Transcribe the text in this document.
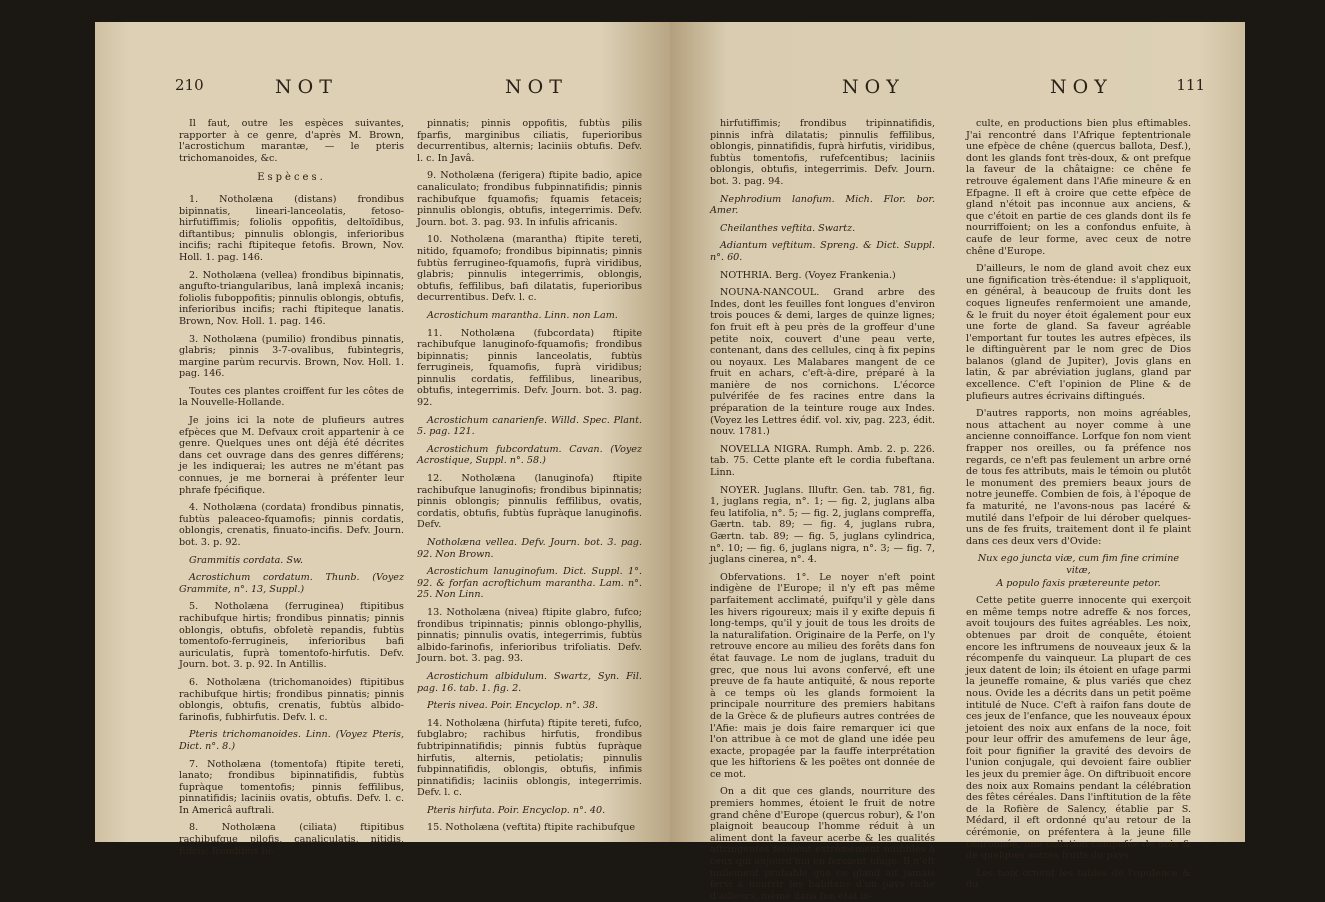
210	NOT	NOT

Il faut, outre les espèces suivantes, rapporter à ce genre, d'après M. Brown, l'acrostichum marantæ, — le pteris trichomanoides, &c.

Espèces.

1. Notholæna (distans) frondibus bipinnatis, lineari-lanceolatis, fetoso-hirfutiffimis; foliolis oppofitis, deltoïdibus, diftantibus; pinnulis oblongis, inferioribus incifis; rachi ftipiteque fetofis. Brown, Nov. Holl. 1. pag. 146.

2. Notholæna (vellea) frondibus bipinnatis, angufto-triangularibus, lanâ implexâ incanis; foliolis fuboppofitis; pinnulis oblongis, obtufis, inferioribus incifis; rachi ftipiteque lanatis. Brown, Nov. Holl. 1. pag. 146.

3. Notholæna (pumilio) frondibus pinnatis, glabris; pinnis 3-7-ovalibus, fubintegris, margine parùm recurvis. Brown, Nov. Holl. 1. pag. 146.

Toutes ces plantes croiffent fur les côtes de la Nouvelle-Hollande.

Je joins ici la note de plufieurs autres efpèces que M. Defvaux croit appartenir à ce genre. Quelques unes ont déjà été décrites dans cet ouvrage dans des genres différens; je les indiquerai; les autres ne m'étant pas connues, je me bornerai à préfenter leur phrafe fpécifique.

4. Notholæna (cordata) frondibus pinnatis, fubtùs paleaceo-fquamofis; pinnis cordatis, oblongis, crenatis, finuato-incifis. Defv. Journ. bot. 3. p. 92.

Grammitis cordata. Sw.

Acrostichum cordatum. Thunb. (Voyez Grammite, n°. 13, Suppl.)

5. Notholæna (ferruginea) ftipitibus rachibufque hirtis; frondibus pinnatis; pinnis oblongis, obtufis, obfoletè repandis, fubtùs tomentofo-ferrugineis, inferioribus bafi auriculatis, fuprà tomentofo-hirfutis. Defv. Journ. bot. 3. p. 92. In Antillis.

6. Notholæna (trichomanoides) ftipitibus rachibufque hirtis; frondibus pinnatis; pinnis oblongis, obtufis, crenatis, fubtùs albido-farinofis, fubhirfutis. Defv. l. c.

Pteris trichomanoides. Linn. (Voyez Pteris, Dict. n°. 8.)

7. Notholæna (tomentofa) ftipite tereti, lanato; frondibus bipinnatifidis, fubtùs fupràque tomentofis; pinnis feffilibus, pinnatifidis; laciniis ovatis, obtufis. Defv. l. c. In Americâ auftrali.

8. Notholæna (ciliata) ftipitibus rachibufque pilofis, canaliculatis, nitidis, fufcis; frondibus bi-

pinnatis; pinnis oppofitis, fubtùs pilis fparfis, marginibus ciliatis, fuperioribus decurrentibus, alternis; laciniis obtufis. Defv. l. c. In Javâ.

9. Notholæna (ferigera) ftipite badio, apice canaliculato; frondibus fubpinnatifidis; pinnis rachibufque fquamofis; fquamis fetaceis; pinnulis oblongis, obtufis, integerrimis. Defv. Journ. bot. 3. pag. 93. In infulis africanis.

10. Notholæna (marantha) ftipite tereti, nitido, fquamofo; frondibus bipinnatis; pinnis fubtùs ferrugineo-fquamofis, fuprà viridibus, glabris; pinnulis integerrimis, oblongis, obtufis, feffilibus, bafi dilatatis, fuperioribus decurrentibus. Defv. l. c.

Acrostichum marantha. Linn. non Lam.

11. Notholæna (fubcordata) ftipite rachibufque lanuginofo-fquamofis; frondibus bipinnatis; pinnis lanceolatis, fubtùs ferrugineis, fquamofis, fuprà viridibus; pinnulis cordatis, feffilibus, linearibus, obtufis, integerrimis. Defv. Journ. bot. 3. pag. 92.

Acrostichum canarienfe. Willd. Spec. Plant. 5. pag. 121.

Acrostichum fubcordatum. Cavan. (Voyez Acrostique, Suppl. n°. 58.)

12. Notholæna (lanuginofa) ftipite rachibufque lanuginofis; frondibus bipinnatis; pinnis oblongis; pinnulis feffilibus, ovatis, cordatis, obtufis, fubtùs fupràque lanuginofis. Defv.

Notholæna vellea. Defv. Journ. bot. 3. pag. 92. Non Brown.

Acrostichum lanuginofum. Dict. Suppl. 1°. 92. & forfan acroftichum marantha. Lam. n°. 25. Non Linn.

13. Notholæna (nivea) ftipite glabro, fufco; frondibus tripinnatis; pinnis oblongo-phyllis, pinnatis; pinnulis ovatis, integerrimis, fubtùs albido-farinofis, inferioribus trifoliatis. Defv. Journ. bot. 3. pag. 93.

Acrostichum albidulum. Swartz, Syn. Fil. pag. 16. tab. 1. fig. 2.

Pteris nivea. Poir. Encyclop. n°. 38.

14. Notholæna (hirfuta) ftipite tereti, fufco, fubglabro; rachibus hirfutis, frondibus fubtripinnatifidis; pinnis fubtùs fupràque hirfutis, alternis, petiolatis; pinnulis fubpinnatifidis, oblongis, obtufis, infimis pinnatifidis; laciniis oblongis, integerrimis. Defv. l. c.

Pteris hirfuta. Poir. Encyclop. n°. 40.

15. Notholæna (veftita) ftipite rachibufque

NOY	NOY	111

hirfutiffimis; frondibus tripinnatifidis, pinnis infrà dilatatis; pinnulis feffilibus, oblongis, pinnatifidis, fuprà hirfutis, viridibus, fubtùs tomentofis, rufefcentibus; laciniis oblongis, obtufis, integerrimis. Defv. Journ. bot. 3. pag. 94.

Nephrodium lanofum. Mich. Flor. bor. Amer.

Cheilanthes veftita. Swartz.

Adiantum veftitum. Spreng. & Dict. Suppl. n°. 60.

NOTHRIA. Berg. (Voyez Frankenia.)

NOUNA-NANCOUL. Grand arbre des Indes, dont les feuilles font longues d'environ trois pouces & demi, larges de quinze lignes; fon fruit eft à peu près de la groffeur d'une petite noix, couvert d'une peau verte, contenant, dans des cellules, cinq à fix pepins ou noyaux. Les Malabares mangent de ce fruit en achars, c'eft-à-dire, préparé à la manière de nos cornichons. L'écorce pulvérifée de fes racines entre dans la préparation de la teinture rouge aux Indes. (Voyez les Lettres édif. vol. xiv, pag. 223, édit. nouv. 1781.)

NOVELLA NIGRA. Rumph. Amb. 2. p. 226. tab. 75. Cette plante eft le cordia fubeftana. Linn.

NOYER. Juglans. Illuftr. Gen. tab. 781, fig. 1, juglans regia, n°. 1; — fig. 2, juglans alba feu latifolia, n°. 5; — fig. 2, juglans compreffa, Gærtn. tab. 89; — fig. 4, juglans rubra, Gærtn. tab. 89; — fig. 5, juglans cylindrica, n°. 10; — fig. 6, juglans nigra, n°. 3; — fig. 7, juglans cinerea, n°. 4.

Obfervations. 1°. Le noyer n'eft point indigène de l'Europe; il n'y eft pas même parfaitement acclimaté, puifqu'il y gèle dans les hivers rigoureux; mais il y exifte depuis fi long-temps, qu'il y jouit de tous les droits de la naturalifation. Originaire de la Perfe, on l'y retrouve encore au milieu des forêts dans fon état fauvage. Le nom de juglans, traduit du grec, que nous lui avons confervé, eft une preuve de fa haute antiquité, & nous reporte à ce temps où les glands formoient la principale nourriture des premiers habitans de la Grèce & de plufieurs autres contrées de l'Afie: mais je dois faire remarquer ici que l'on attribue à ce mot de gland une idée peu exacte, propagée par la fauffe interprétation que les hiftoriens & les poëtes ont donnée de ce mot.

On a dit que ces glands, nourriture des premiers hommes, étoient le fruit de notre grand chêne d'Europe (quercus robur), & l'on plaignoit beaucoup l'homme réduit à un aliment dont la faveur acerbe & les qualités aftringentes feroient extrêmement nuifibles à ceux qui aujourd'hui en feroient ufage. Il n'eft nullement probable que ce gland ait jamais fervi à nourrir les habitans d'un pays riche d'ailleurs, même dans fon état in-

culte, en productions bien plus eftimables. J'ai rencontré dans l'Afrique feptentrionale une efpèce de chêne (quercus ballota, Desf.), dont les glands font très-doux, & ont prefque la faveur de la châtaigne: ce chêne fe retrouve également dans l'Afie mineure & en Efpagne. Il eft à croire que cette efpèce de gland n'étoit pas inconnue aux anciens, & que c'étoit en partie de ces glands dont ils fe nourriffoient; on les a confondus enfuite, à caufe de leur forme, avec ceux de notre chêne d'Europe.

D'ailleurs, le nom de gland avoit chez eux une fignification très-étendue: il s'appliquoit, en général, à beaucoup de fruits dont les coques ligneufes renfermoient une amande, & le fruit du noyer étoit également pour eux une forte de gland. Sa faveur agréable l'emportant fur toutes les autres efpèces, ils le diftinguèrent par le nom grec de Dios balanos (gland de Jupiter), Jovis glans en latin, & par abréviation juglans, gland par excellence. C'eft l'opinion de Pline & de plufieurs autres écrivains diftingués.

D'autres rapports, non moins agréables, nous attachent au noyer comme à une ancienne connoiffance. Lorfque fon nom vient frapper nos oreilles, ou fa préfence nos regards, ce n'eft pas feulement un arbre orné de tous fes attributs, mais le témoin ou plutôt le monument des premiers beaux jours de notre jeuneffe. Combien de fois, à l'époque de fa maturité, ne l'avons-nous pas lacéré & mutilé dans l'efpoir de lui dérober quelques-uns de fes fruits, traitement dont il fe plaint dans ces deux vers d'Ovide:

Nux ego juncta viæ, cum fim fine crimine vitæ,

A populo faxis prætereunte petor.

Cette petite guerre innocente qui exerçoit en même temps notre adreffe & nos forces, avoit toujours des fuites agréables. Les noix, obtenues par droit de conquête, étoient encore les inftrumens de nouveaux jeux & la récompenfe du vainqueur. La plupart de ces jeux datent de loin; ils étoient en ufage parmi la jeuneffe romaine, & plus variés que chez nous. Ovide les a décrits dans un petit poëme intitulé de Nuce. C'eft à raifon fans doute de ces jeux de l'enfance, que les nouveaux époux jetoient des noix aux enfans de la noce, foit pour leur offrir des amufemens de leur âge, foit pour fignifier la gravité des devoirs de l'union conjugale, qui devoient faire oublier les jeux du premier âge. On diftribuoit encore des noix aux Romains pendant la célébration des fêtes céréales. Dans l'inftitution de la fête de la Rofière de Salency, établie par S. Médard, il eft ordonné qu'au retour de la cérémonie, on préfentera à la jeune fille couronnée, une collation compofée de noix & de quelques autres fruits du pays.

Les noix ornent les tables de l'opulence & du
